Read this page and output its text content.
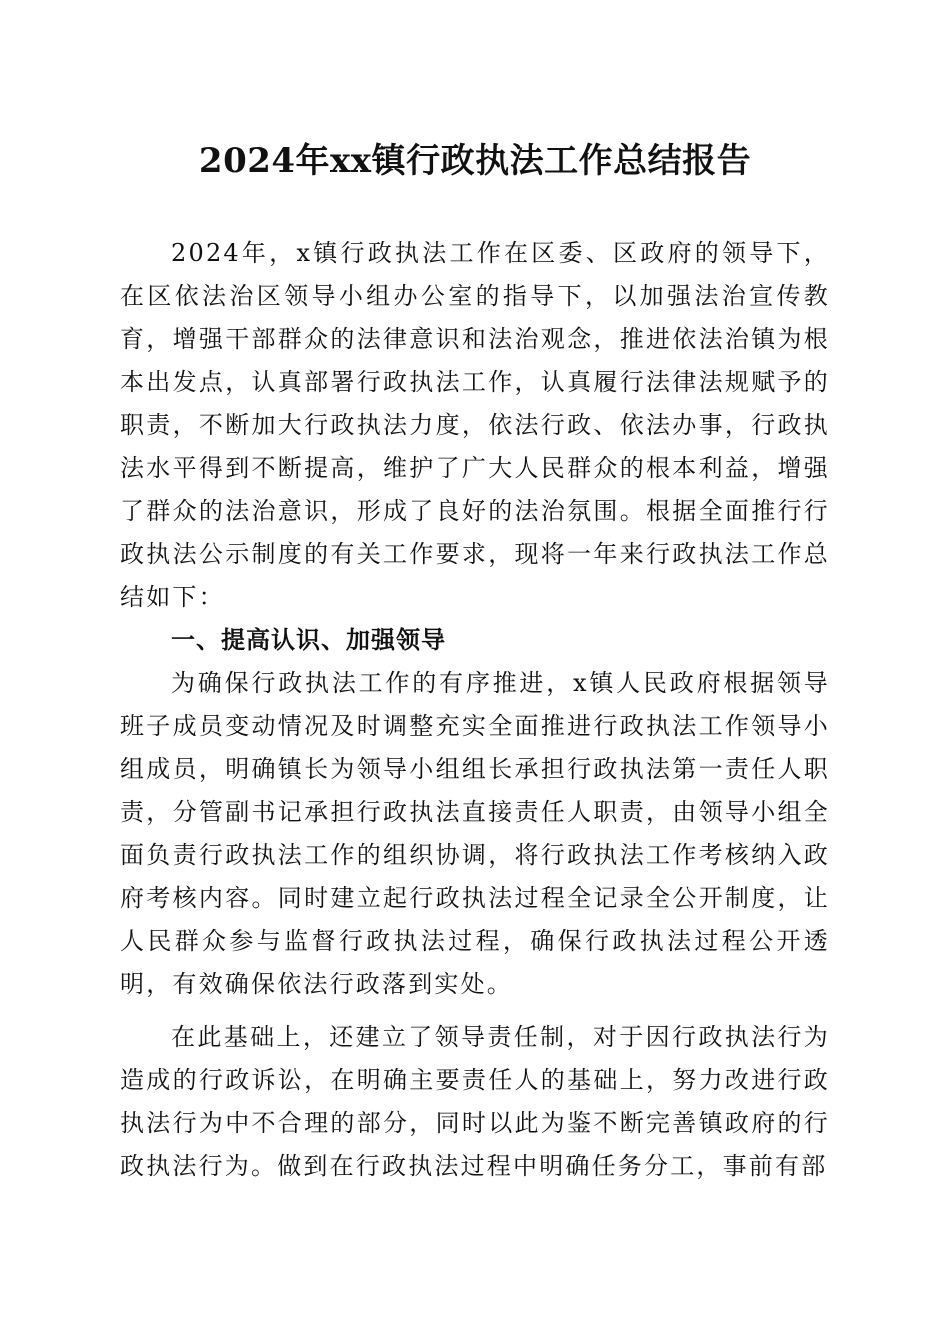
2024年xx镇行政执法工作总结报告

2024年，x镇行政执法工作在区委、区政府的领导下，在区依法治区领导小组办公室的指导下，以加强法治宣传教育，增强干部群众的法律意识和法治观念，推进依法治镇为根本出发点，认真部署行政执法工作，认真履行法律法规赋予的职责，不断加大行政执法力度，依法行政、依法办事，行政执法水平得到不断提高，维护了广大人民群众的根本利益，增强了群众的法治意识，形成了良好的法治氛围。根据全面推行行政执法公示制度的有关工作要求，现将一年来行政执法工作总结如下：

一、提高认识、加强领导

为确保行政执法工作的有序推进，x镇人民政府根据领导班子成员变动情况及时调整充实全面推进行政执法工作领导小组成员，明确镇长为领导小组组长承担行政执法第一责任人职责，分管副书记承担行政执法直接责任人职责，由领导小组全面负责行政执法工作的组织协调，将行政执法工作考核纳入政府考核内容。同时建立起行政执法过程全记录全公开制度，让人民群众参与监督行政执法过程，确保行政执法过程公开透明，有效确保依法行政落到实处。

在此基础上，还建立了领导责任制，对于因行政执法行为造成的行政诉讼，在明确主要责任人的基础上，努力改进行政执法行为中不合理的部分，同时以此为鉴不断完善镇政府的行政执法行为。做到在行政执法过程中明确任务分工，事前有部
